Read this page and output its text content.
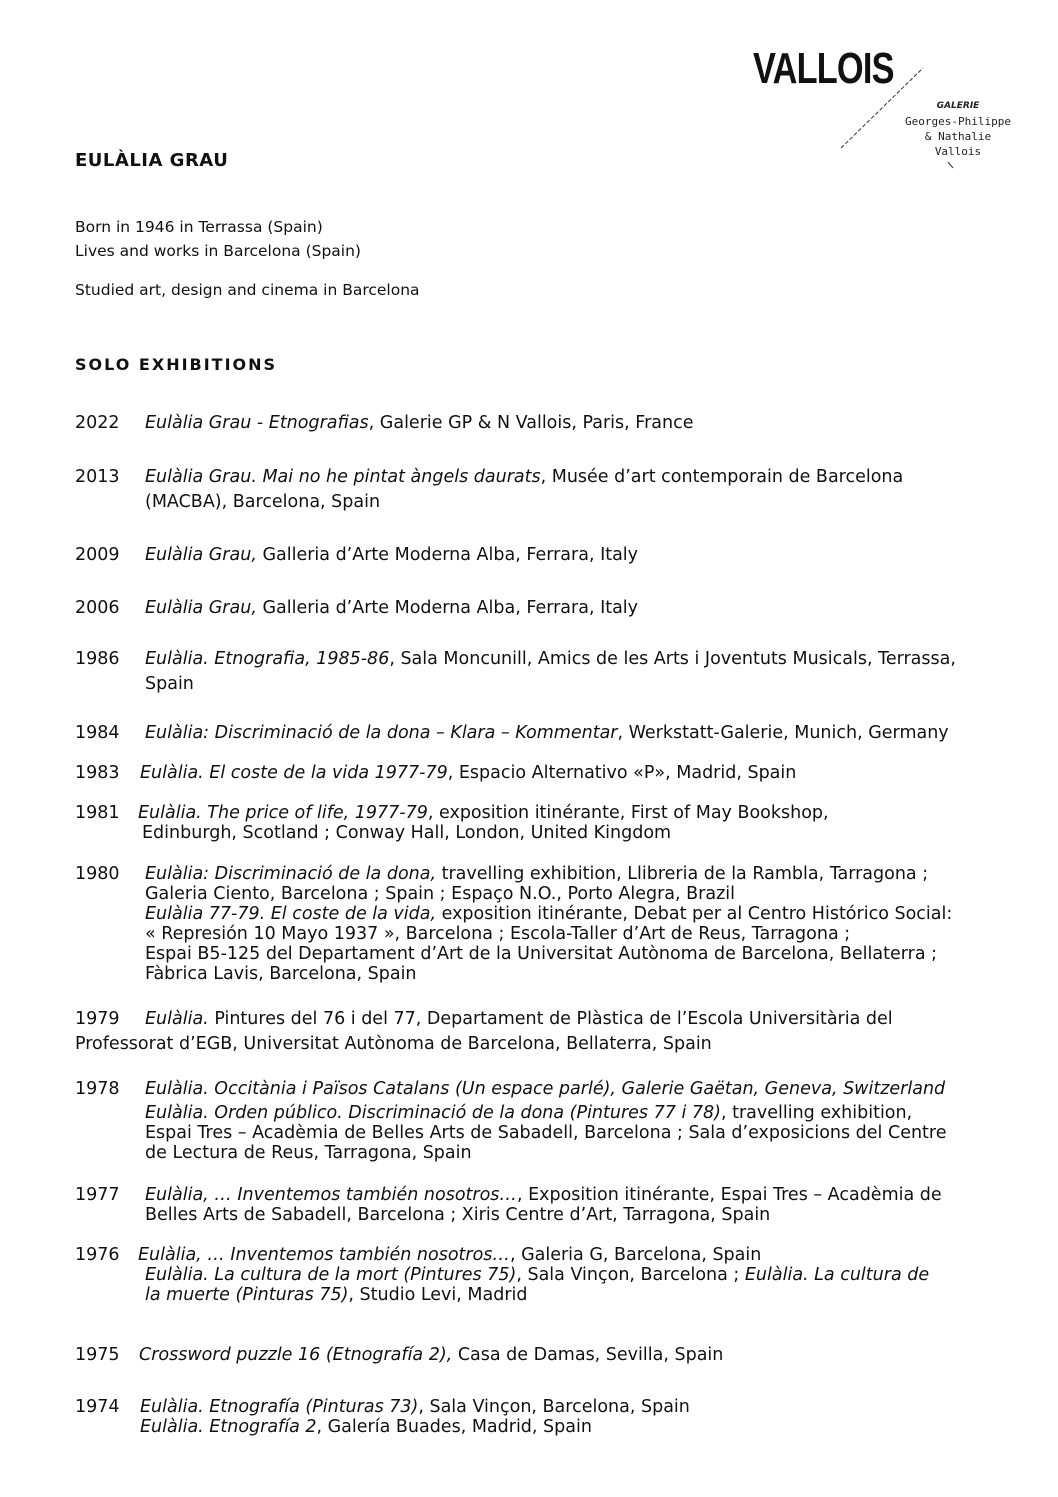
VALLOIS
GALERIE
Georges-Philippe
& Nathalie
Vallois
EULÀLIA GRAU
Born in 1946 in Terrassa (Spain)
Lives and works in Barcelona (Spain)
Studied art, design and cinema in Barcelona
SOLO EXHIBITIONS
2022 Eulàlia Grau - Etnografias, Galerie GP & N Vallois, Paris, France
2013 Eulàlia Grau. Mai no he pintat àngels daurats, Musée d’art contemporain de Barcelona
(MACBA), Barcelona, Spain
2009 Eulàlia Grau, Galleria d’Arte Moderna Alba, Ferrara, Italy
2006 Eulàlia Grau, Galleria d’Arte Moderna Alba, Ferrara, Italy
1986 Eulàlia. Etnografia, 1985-86, Sala Moncunill, Amics de les Arts i Joventuts Musicals, Terrassa,
Spain
1984 Eulàlia: Discriminació de la dona – Klara – Kommentar, Werkstatt-Galerie, Munich, Germany
1983 Eulàlia. El coste de la vida 1977-79, Espacio Alternativo «P», Madrid, Spain
1981 Eulàlia. The price of life, 1977-79, exposition itinérante, First of May Bookshop,
Edinburgh, Scotland ; Conway Hall, London, United Kingdom
1980 Eulàlia: Discriminació de la dona, travelling exhibition, Llibreria de la Rambla, Tarragona ;
Galeria Ciento, Barcelona ; Spain ; Espaço N.O., Porto Alegra, Brazil
Eulàlia 77-79. El coste de la vida, exposition itinérante, Debat per al Centro Histórico Social:
« Represión 10 Mayo 1937 », Barcelona ; Escola-Taller d’Art de Reus, Tarragona ;
Espai B5-125 del Departament d’Art de la Universitat Autònoma de Barcelona, Bellaterra ;
Fàbrica Lavis, Barcelona, Spain
1979 Eulàlia. Pintures del 76 i del 77, Departament de Plàstica de l’Escola Universitària del
Professorat d’EGB, Universitat Autònoma de Barcelona, Bellaterra, Spain
1978 Eulàlia. Occitània i Països Catalans (Un espace parlé), Galerie Gaëtan, Geneva, Switzerland
Eulàlia. Orden público. Discriminació de la dona (Pintures 77 i 78), travelling exhibition,
Espai Tres – Acadèmia de Belles Arts de Sabadell, Barcelona ; Sala d’exposicions del Centre
de Lectura de Reus, Tarragona, Spain
1977 Eulàlia, … Inventemos también nosotros…, Exposition itinérante, Espai Tres – Acadèmia de
Belles Arts de Sabadell, Barcelona ; Xiris Centre d’Art, Tarragona, Spain
1976 Eulàlia, … Inventemos también nosotros…, Galeria G, Barcelona, Spain
Eulàlia. La cultura de la mort (Pintures 75), Sala Vinçon, Barcelona ; Eulàlia. La cultura de
la muerte (Pinturas 75), Studio Levi, Madrid
1975 Crossword puzzle 16 (Etnografía 2), Casa de Damas, Sevilla, Spain
1974 Eulàlia. Etnografía (Pinturas 73), Sala Vinçon, Barcelona, Spain
Eulàlia. Etnografía 2, Galería Buades, Madrid, Spain
